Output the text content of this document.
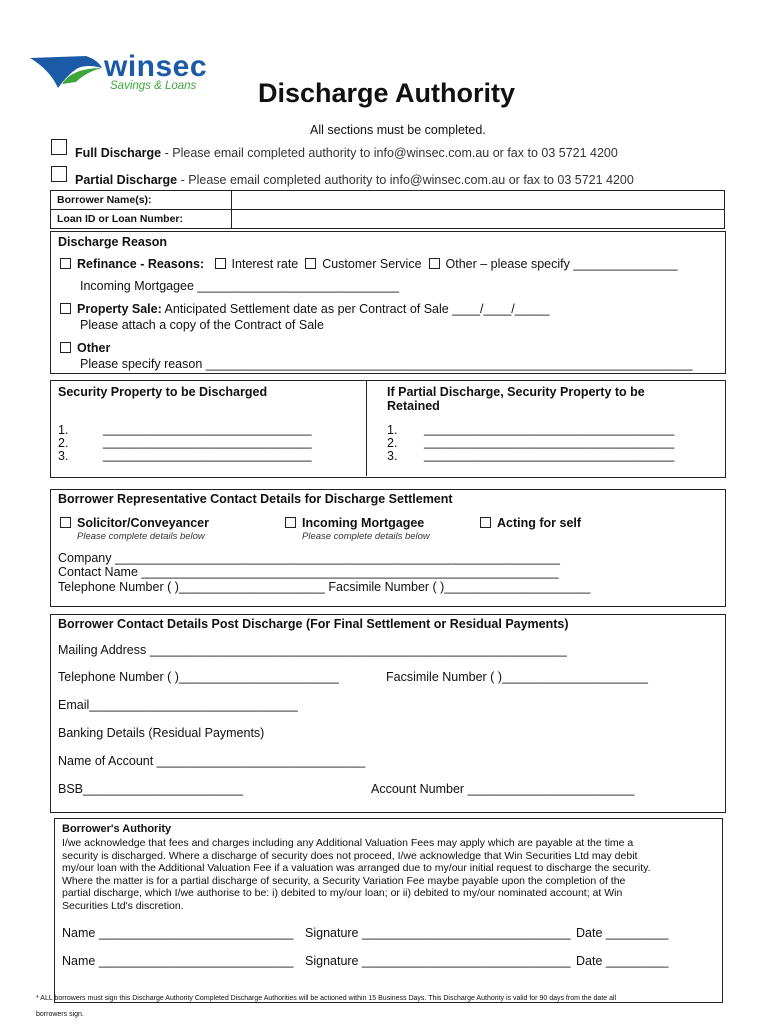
winsec
Savings & Loans Discharge Authority
All sections must be completed.
Full Discharge - Please email completed authority to info@winsec.com.au or fax to 03 5721 4200
Partial Discharge - Please email completed authority to info@winsec.com.au or fax to 03 5721 4200
Borrower Name(s):	
Loan ID or Loan Number:	
Discharge Reason
Refinance - Reasons: Interest rate Customer Service Other – please specify _______________
Incoming Mortgagee _____________________________
Property Sale: Anticipated Settlement date as per Contract of Sale ____/____/_____
Please attach a copy of the Contract of Sale
Other
Please specify reason ______________________________________________________________________
Security Property to be Discharged	If Partial Discharge, Security Property to be
Retained
1.
2.
3.
______________________________
______________________________
______________________________
1.
2.
3.
____________________________________
____________________________________
____________________________________
Borrower Representative Contact Details for Discharge Settlement
Solicitor/Conveyancer
Please complete details below
Incoming Mortgagee
Please complete details below
Acting for self
Company ________________________________________________________________
Contact Name ____________________________________________________________
Telephone Number ( )_____________________ Facsimile Number ( )_____________________
Borrower Contact Details Post Discharge (For Final Settlement or Residual Payments)
Mailing Address ____________________________________________________________
Telephone Number ( )_______________________	Facsimile Number ( )_____________________
Email______________________________
Banking Details (Residual Payments)
Name of Account ______________________________
BSB_______________________	Account Number ________________________
Borrower's Authority
I/we acknowledge that fees and charges including any Additional Valuation Fees may apply which are payable at the time a
security is discharged. Where a discharge of security does not proceed, I/we acknowledge that Win Securities Ltd may debit
my/our loan with the Additional Valuation Fee if a valuation was arranged due to my/our initial request to discharge the security.
Where the matter is for a partial discharge of security, a Security Variation Fee maybe payable upon the completion of the
partial discharge, which I/we authorise to be: i) debited to my/our loan; or ii) debited to my/our nominated account; at Win
Securities Ltd's discretion.
Name ____________________________ Signature ______________________________ Date _________
Name ____________________________ Signature ______________________________ Date _________
* ALL borrowers must sign this Discharge Authority Completed Discharge Authorities will be actioned within 15 Business Days. This Discharge Authority is valid for 90 days from the date all
borrowers sign.
